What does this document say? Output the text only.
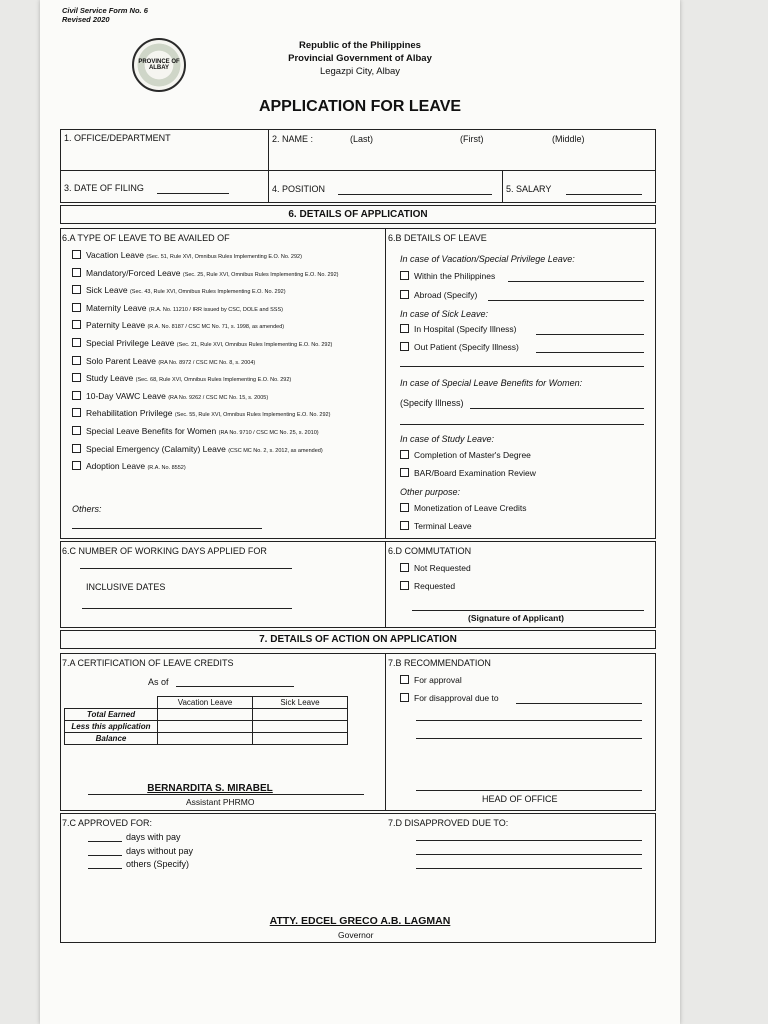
Civil Service Form No. 6
Revised 2020
PROVINCE OF ALBAY
Republic of the Philippines
Provincial Government of Albay
Legazpi City, Albay
APPLICATION FOR LEAVE
1. OFFICE/DEPARTMENT	2. NAME :	(Last)	(First)	(Middle)
3. DATE OF FILING	4. POSITION	5. SALARY
6. DETAILS OF APPLICATION
6.A TYPE OF LEAVE TO BE AVAILED OF
Vacation Leave (Sec. 51, Rule XVI, Omnibus Rules Implementing E.O. No. 292)
Mandatory/Forced Leave (Sec. 25, Rule XVI, Omnibus Rules Implementing E.O. No. 292)
Sick Leave (Sec. 43, Rule XVI, Omnibus Rules Implementing E.O. No. 292)
Maternity Leave (R.A. No. 11210 / IRR issued by CSC, DOLE and SSS)
Paternity Leave (R.A. No. 8187 / CSC MC No. 71, s. 1998, as amended)
Special Privilege Leave (Sec. 21, Rule XVI, Omnibus Rules Implementing E.O. No. 292)
Solo Parent Leave (RA No. 8972 / CSC MC No. 8, s. 2004)
Study Leave (Sec. 68, Rule XVI, Omnibus Rules Implementing E.O. No. 292)
10-Day VAWC Leave (RA No. 9262 / CSC MC No. 15, s. 2005)
Rehabilitation Privilege (Sec. 55, Rule XVI, Omnibus Rules Implementing E.O. No. 292)
Special Leave Benefits for Women (RA No. 9710 / CSC MC No. 25, s. 2010)
Special Emergency (Calamity) Leave (CSC MC No. 2, s. 2012, as amended)
Adoption Leave (R.A. No. 8552)
Others:
6.B DETAILS OF LEAVE
In case of Vacation/Special Privilege Leave:
Within the Philippines
Abroad (Specify)
In case of Sick Leave:
In Hospital (Specify Illness)
Out Patient (Specify Illness)
In case of Special Leave Benefits for Women:
(Specify Illness)
In case of Study Leave:
Completion of Master's Degree
BAR/Board Examination Review
Other purpose:
Monetization of Leave Credits
Terminal Leave
6.C NUMBER OF WORKING DAYS APPLIED FOR
INCLUSIVE DATES
6.D COMMUTATION
Not Requested
Requested
(Signature of Applicant)
7. DETAILS OF ACTION ON APPLICATION
7.A CERTIFICATION OF LEAVE CREDITS
As of
	Vacation Leave	Sick Leave
Total Earned		
Less this application		
Balance		
BERNARDITA S. MIRABEL
Assistant PHRMO
7.B RECOMMENDATION
For approval
For disapproval due to
HEAD OF OFFICE
7.C APPROVED FOR:
days with pay
days without pay
others (Specify)
7.D DISAPPROVED DUE TO:
ATTY. EDCEL GRECO A.B. LAGMAN
Governor
